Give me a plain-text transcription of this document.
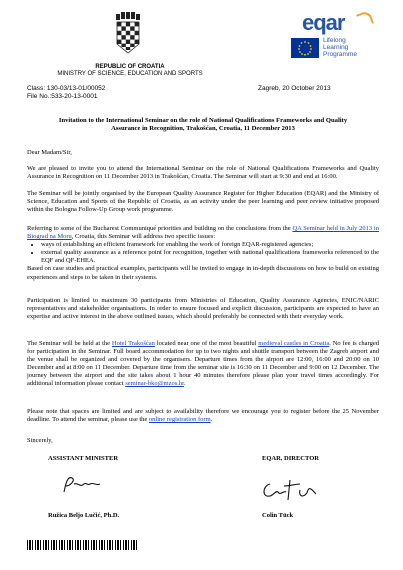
REPUBLIC OF CROATIA
MINISTRY OF SCIENCE, EDUCATION AND SPORTS
eqar
Lifelong
Learning
Programme
Class: 130-03/13-01/00052
File No.:533-20-13-0001
Zagreb, 20 October 2013
Invitation to the International Seminar on the role of National Qualifications Frameworks and Quality
Assurance in Recognition, Trakošćan, Croatia, 11 December 2013
Dear Madam/Sir,
We are pleased to invite you to attend the International Seminar on the role of National Qualifications Frameworks and Quality Assurance in Recognition on 11 December 2013 in Trakošćan, Croatia. The Seminar will start at 9:30 and end at 16:00.
The Seminar will be jointly organised by the European Quality Assurance Register for Higher Education (EQAR) and the Ministry of Science, Education and Sports of the Republic of Croatia, as an activity under the peer learning and peer review initiative proposed within the Bologna Follow-Up Group work programme.
Referring to some of the Bucharest Communiqué priorities and building on the conclusions from the QA Seminar held in July 2013 in Biograd na Moru, Croatia, this Seminar will address two specific issues:
• ways of establishing an efficient framework for enabling the work of foreign EQAR-registered agencies;
• external quality assurance as a reference point for recognition, together with national qualifications frameworks referenced to the EQF and QF-EHEA.
Based on case studies and practical examples, participants will be invited to engage in in-depth discussions on how to build on existing experiences and steps to be taken in their systems.
Participation is limited to maximum 30 participants from Ministries of Education, Quality Assurance Agencies, ENIC/NARIC representatives and stakeholder organisations. In order to ensure focused and explicit discussion, participants are expected to have an expertise and active interest in the above outlined issues, which should preferably be connected with their everyday work.
The Seminar will be held at the Hotel Trakošćan located near one of the most beautiful medieval castles in Croatia. No fee is charged for participation in the Seminar. Full board accommodation for up to two nights and shuttle transport between the Zagreb airport and the venue shall be organized and covered by the organisers. Departure times from the airport are 12:00, 16:00 and 20:00 on 10 December and at 8:00 on 11 December. Departure time from the seminar site is 16:30 on 11 December and 9:00 on 12 December. The journey between the airport and the site takes about 1 hour 40 minutes therefore please plan your travel times accordingly. For additional information please contact seminar-bko@mzos.hr.
Please note that spaces are limited and are subject to availability therefore we encourage you to register before the 25 November deadline. To attend the seminar, please use the online registration form.
Sincerely,
ASSISTANT MINISTER	EQAR, DIRECTOR
Ružica Beljo Lučić, Ph.D.	Colin Tück
